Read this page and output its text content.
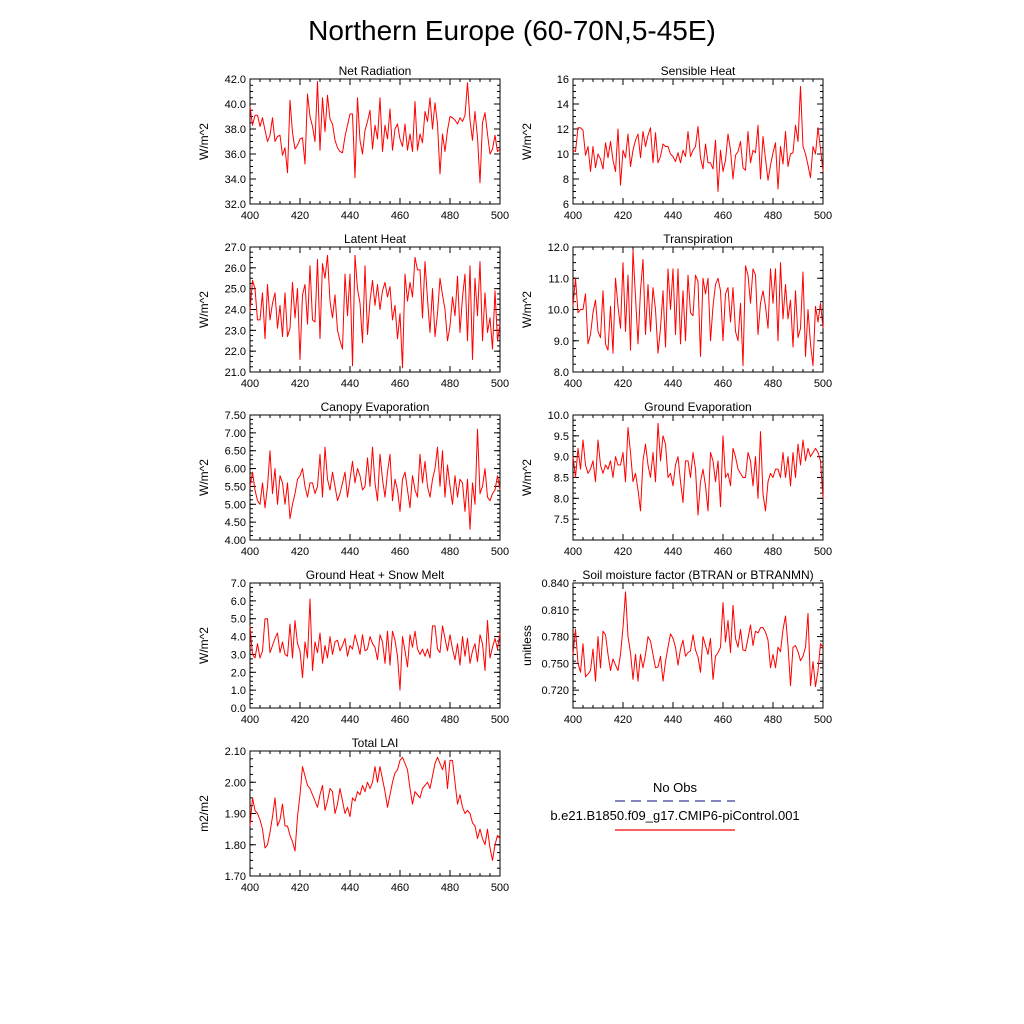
Northern Europe (60-70N,5-45E)
Net Radiation
W/m^2
32.0
34.0
36.0
38.0
40.0
42.0
400	420	440	460	480	500
Sensible Heat
W/m^2
6
8
10
12
14
16
400	420	440	460	480	500
Latent Heat
W/m^2
21.0
22.0
23.0
24.0
25.0
26.0
27.0
400	420	440	460	480	500
Transpiration
W/m^2
8.0
9.0
10.0
11.0
12.0
400	420	440	460	480	500
Canopy Evaporation
W/m^2
4.00
4.50
5.00
5.50
6.00
6.50
7.00
7.50
400	420	440	460	480	500
Ground Evaporation
W/m^2
7.5
8.0
8.5
9.0
9.5
10.0
400	420	440	460	480	500
Ground Heat + Snow Melt
W/m^2
0.0
1.0
2.0
3.0
4.0
5.0
6.0
7.0
400	420	440	460	480	500
Soil moisture factor (BTRAN or BTRANMN)
unitless
0.720
0.750
0.780
0.810
0.840
400	420	440	460	480	500
Total LAI
m2/m2
1.70
1.80
1.90
2.00
2.10
400	420	440	460	480	500
No Obs
b.e21.B1850.f09_g17.CMIP6-piControl.001
